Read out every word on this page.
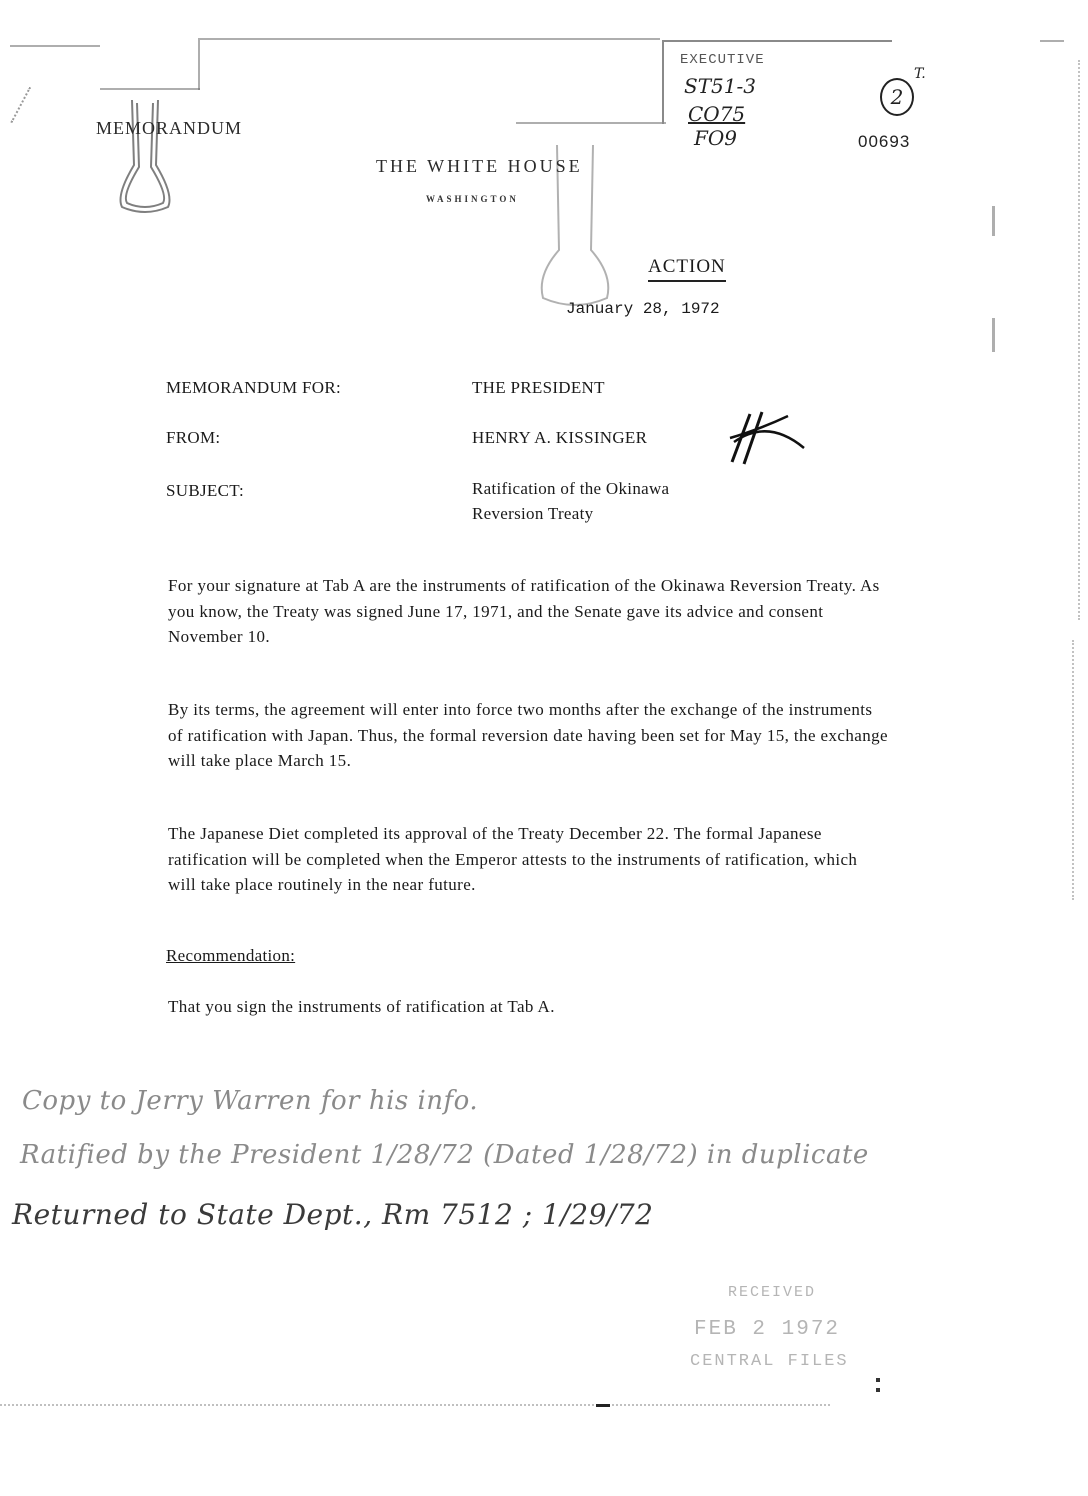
MEMORANDUM
THE WHITE HOUSE
WASHINGTON
EXECUTIVE
ST51-3
CO75
FO9
2
T.
00693
ACTION
January 28, 1972
MEMORANDUM FOR:	THE PRESIDENT
FROM:	HENRY A. KISSINGER
SUBJECT:	Ratification of the Okinawa
Reversion Treaty
For your signature at Tab A are the instruments of ratification of the Okinawa Reversion Treaty. As you know, the Treaty was signed June 17, 1971, and the Senate gave its advice and consent November 10.
By its terms, the agreement will enter into force two months after the exchange of the instruments of ratification with Japan. Thus, the formal reversion date having been set for May 15, the exchange will take place March 15.
The Japanese Diet completed its approval of the Treaty December 22. The formal Japanese ratification will be completed when the Emperor attests to the instruments of ratification, which will take place routinely in the near future.
Recommendation:
That you sign the instruments of ratification at Tab A.
Copy to Jerry Warren for his info.
Ratified by the President 1/28/72 (Dated 1/28/72) in duplicate
Returned to State Dept., Rm 7512 ; 1/29/72
RECEIVED
FEB 2 1972
CENTRAL FILES
